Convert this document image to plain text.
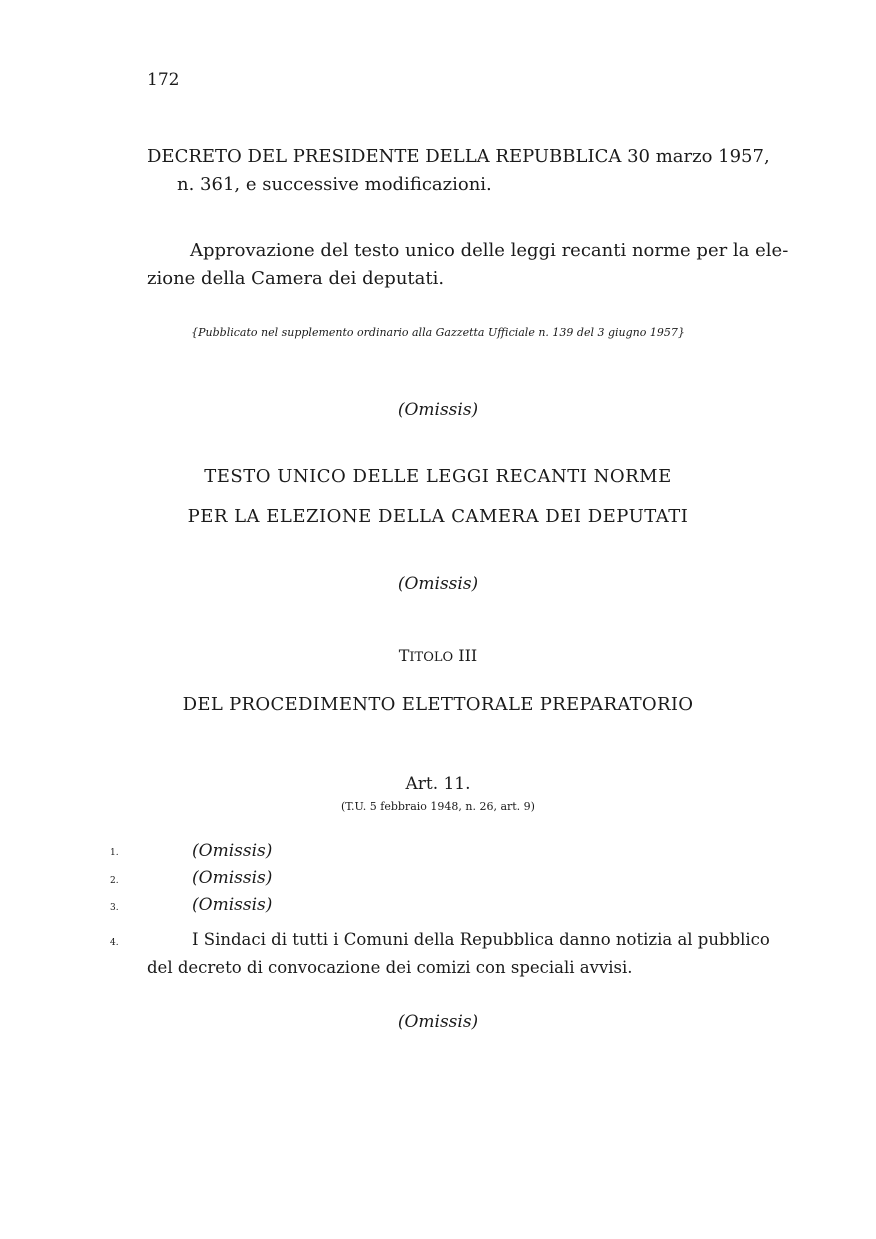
172
DECRETO DEL PRESIDENTE DELLA REPUBBLICA 30 marzo 1957,
n. 361, e successive modificazioni.
Approvazione del testo unico delle leggi recanti norme per la ele-
zione della Camera dei deputati.
{Pubblicato nel supplemento ordinario alla Gazzetta Ufficiale n. 139 del 3 giugno 1957}
(Omissis)
TESTO UNICO DELLE LEGGI RECANTI NORME
PER LA ELEZIONE DELLA CAMERA DEI DEPUTATI
(Omissis)
TITOLO III
DEL PROCEDIMENTO ELETTORALE PREPARATORIO
Art. 11.
(T.U. 5 febbraio 1948, n. 26, art. 9)
1.	(Omissis)
2.	(Omissis)
3.	(Omissis)
4.	I Sindaci di tutti i Comuni della Repubblica danno notizia al pubblico
del decreto di convocazione dei comizi con speciali avvisi.
(Omissis)
